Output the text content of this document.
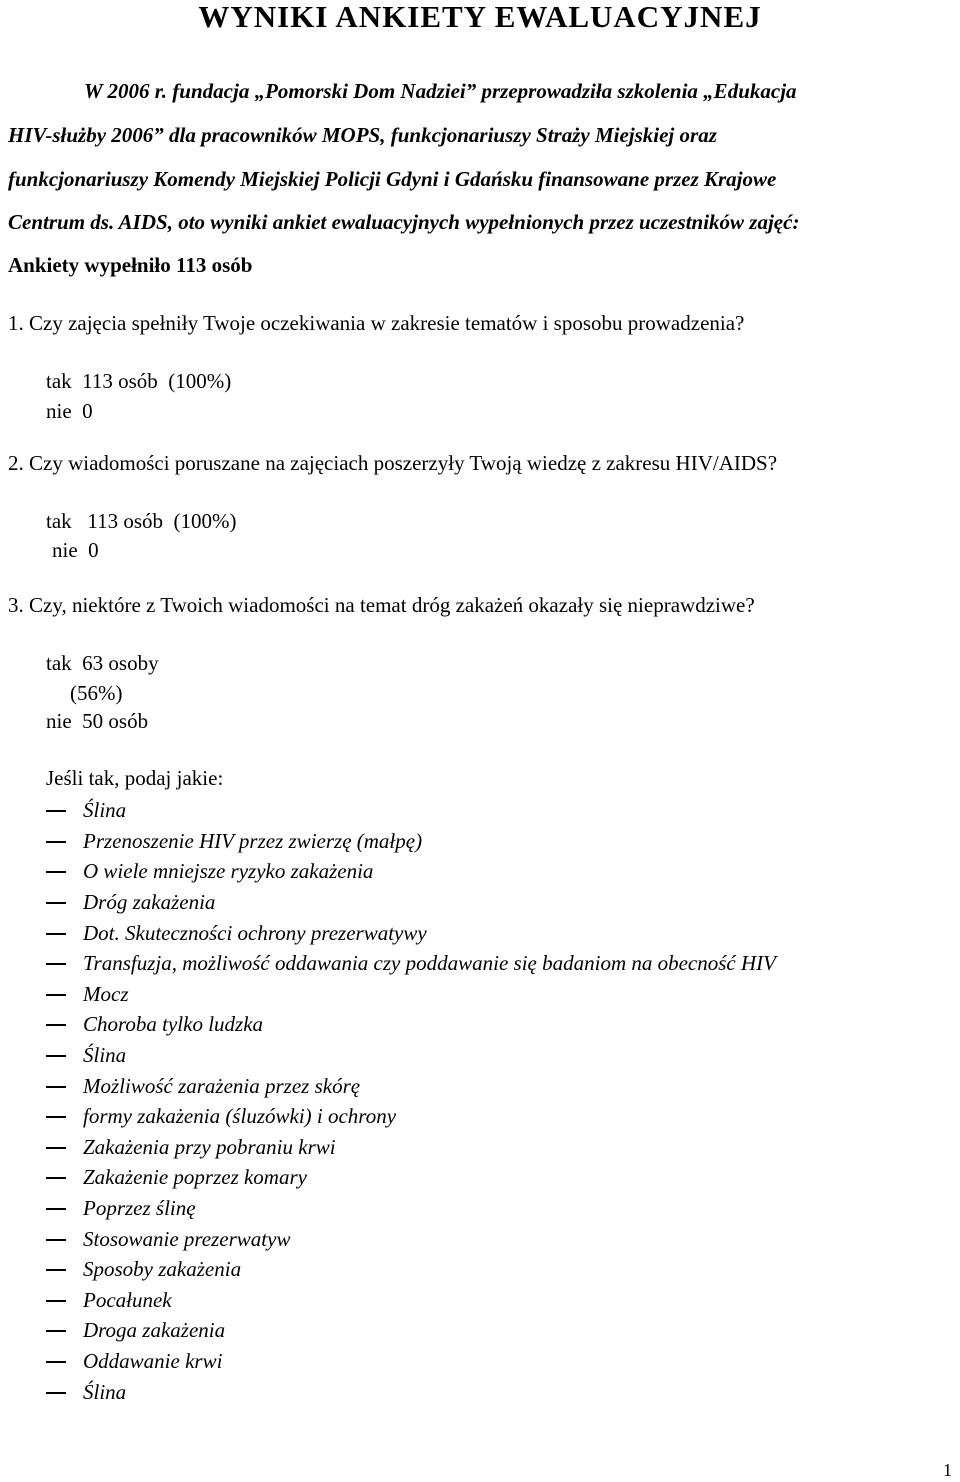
WYNIKI ANKIETY EWALUACYJNEJ
W 2006 r. fundacja „Pomorski Dom Nadziei” przeprowadziła szkolenia „Edukacja
HIV-służby 2006” dla pracowników MOPS, funkcjonariuszy Straży Miejskiej oraz
funkcjonariuszy Komendy Miejskiej Policji Gdyni i Gdańsku finansowane przez Krajowe
Centrum ds. AIDS, oto wyniki ankiet ewaluacyjnych wypełnionych przez uczestników zajęć:
Ankiety wypełniło 113 osób
1. Czy zajęcia spełniły Twoje oczekiwania w zakresie tematów i sposobu prowadzenia?
tak  113 osób  (100%)
nie  0
2. Czy wiadomości poruszane na zajęciach poszerzyły Twoją wiedzę z zakresu HIV/AIDS?
tak   113 osób  (100%)
nie  0
3. Czy, niektóre z Twoich wiadomości na temat dróg zakażeń okazały się nieprawdziwe?
tak  63 osoby
(56%)
nie  50 osób
Jeśli tak, podaj jakie:
Ślina
Przenoszenie HIV przez zwierzę (małpę)
O wiele mniejsze ryzyko zakażenia
Dróg zakażenia
Dot. Skuteczności ochrony prezerwatywy
Transfuzja, możliwość oddawania czy poddawanie się badaniom na obecność HIV
Mocz
Choroba tylko ludzka
Ślina
Możliwość zarażenia przez skórę
formy zakażenia (śluzówki) i ochrony
Zakażenia przy pobraniu krwi
Zakażenie poprzez komary
Poprzez ślinę
Stosowanie prezerwatyw
Sposoby zakażenia
Pocałunek
Droga zakażenia
Oddawanie krwi
Ślina
1
